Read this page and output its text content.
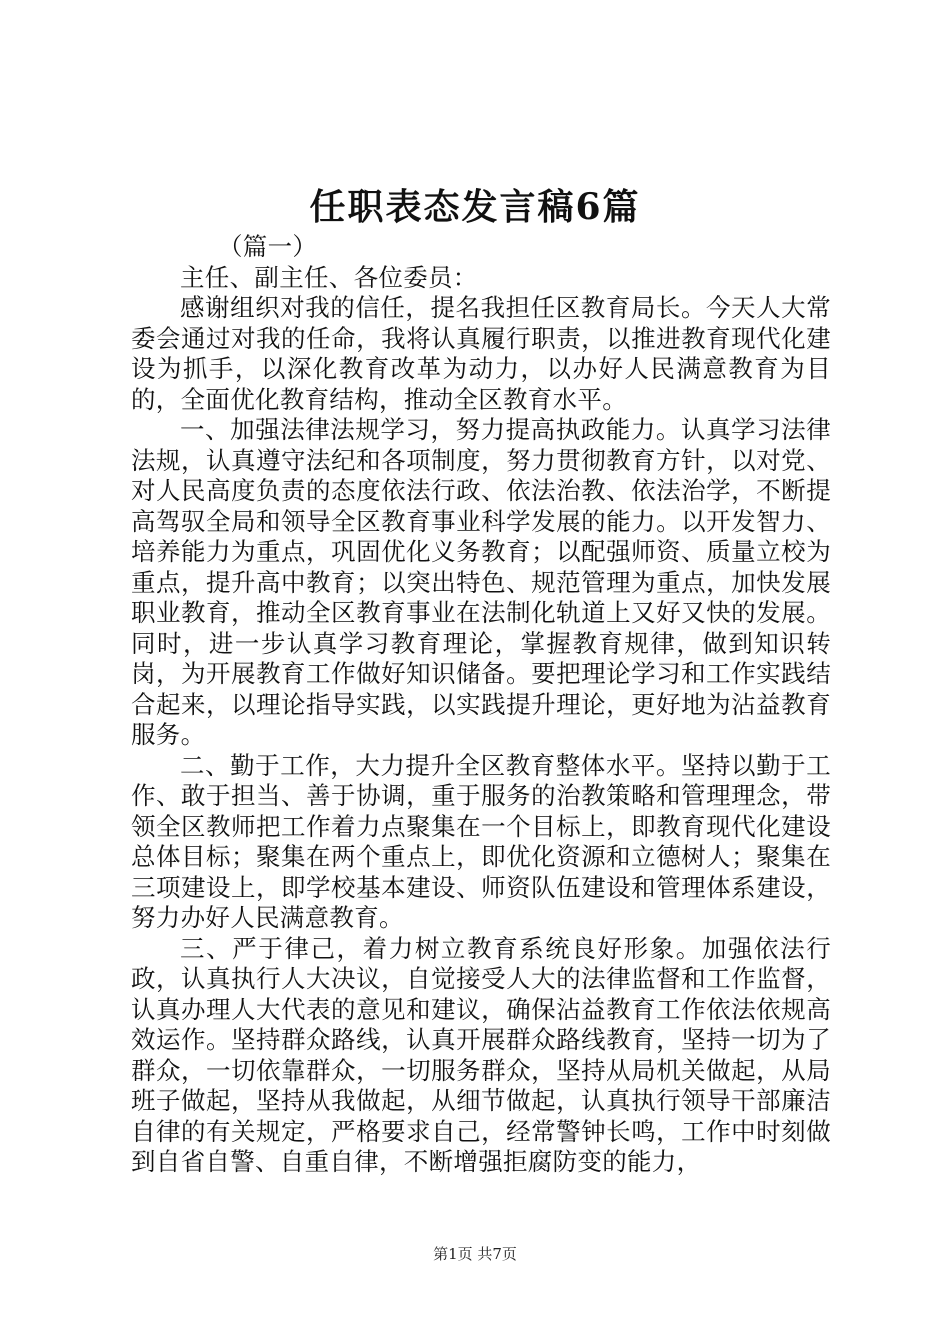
任职表态发言稿6篇

（篇一）

主任、副主任、各位委员：

感谢组织对我的信任，提名我担任区教育局长。今天人大常委会通过对我的任命，我将认真履行职责，以推进教育现代化建设为抓手，以深化教育改革为动力，以办好人民满意教育为目的，全面优化教育结构，推动全区教育水平。

一、加强法律法规学习，努力提高执政能力。认真学习法律法规，认真遵守法纪和各项制度，努力贯彻教育方针，以对党、对人民高度负责的态度依法行政、依法治教、依法治学，不断提高驾驭全局和领导全区教育事业科学发展的能力。以开发智力、培养能力为重点，巩固优化义务教育；以配强师资、质量立校为重点，提升高中教育；以突出特色、规范管理为重点，加快发展职业教育，推动全区教育事业在法制化轨道上又好又快的发展。同时，进一步认真学习教育理论，掌握教育规律，做到知识转岗，为开展教育工作做好知识储备。要把理论学习和工作实践结合起来，以理论指导实践，以实践提升理论，更好地为沾益教育服务。

二、勤于工作，大力提升全区教育整体水平。坚持以勤于工作、敢于担当、善于协调，重于服务的治教策略和管理理念，带领全区教师把工作着力点聚集在一个目标上，即教育现代化建设总体目标；聚集在两个重点上，即优化资源和立德树人；聚集在三项建设上，即学校基本建设、师资队伍建设和管理体系建设，努力办好人民满意教育。

三、严于律己，着力树立教育系统良好形象。加强依法行政，认真执行人大决议，自觉接受人大的法律监督和工作监督，认真办理人大代表的意见和建议，确保沾益教育工作依法依规高效运作。坚持群众路线，认真开展群众路线教育，坚持一切为了群众，一切依靠群众，一切服务群众，坚持从局机关做起，从局班子做起，坚持从我做起，从细节做起，认真执行领导干部廉洁自律的有关规定，严格要求自己，经常警钟长鸣，工作中时刻做到自省自警、自重自律，不断增强拒腐防变的能力，

第1页 共7页
